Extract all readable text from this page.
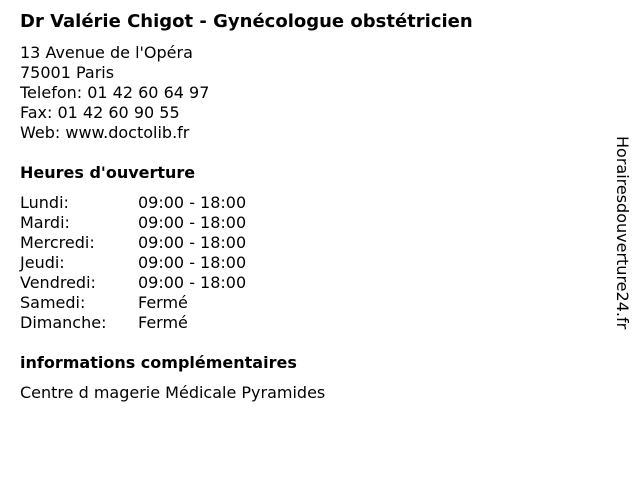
Dr Valérie Chigot - Gynécologue obstétricien
13 Avenue de l'Opéra
75001 Paris
Telefon: 01 42 60 64 97
Fax: 01 42 60 90 55
Web: www.doctolib.fr
Heures d'ouverture
Lundi:	09:00 - 18:00
Mardi:	09:00 - 18:00
Mercredi:	09:00 - 18:00
Jeudi:	09:00 - 18:00
Vendredi:	09:00 - 18:00
Samedi:	Fermé
Dimanche:	Fermé
informations complémentaires
Centre d magerie Médicale Pyramides
Horairesdouverture24.fr
